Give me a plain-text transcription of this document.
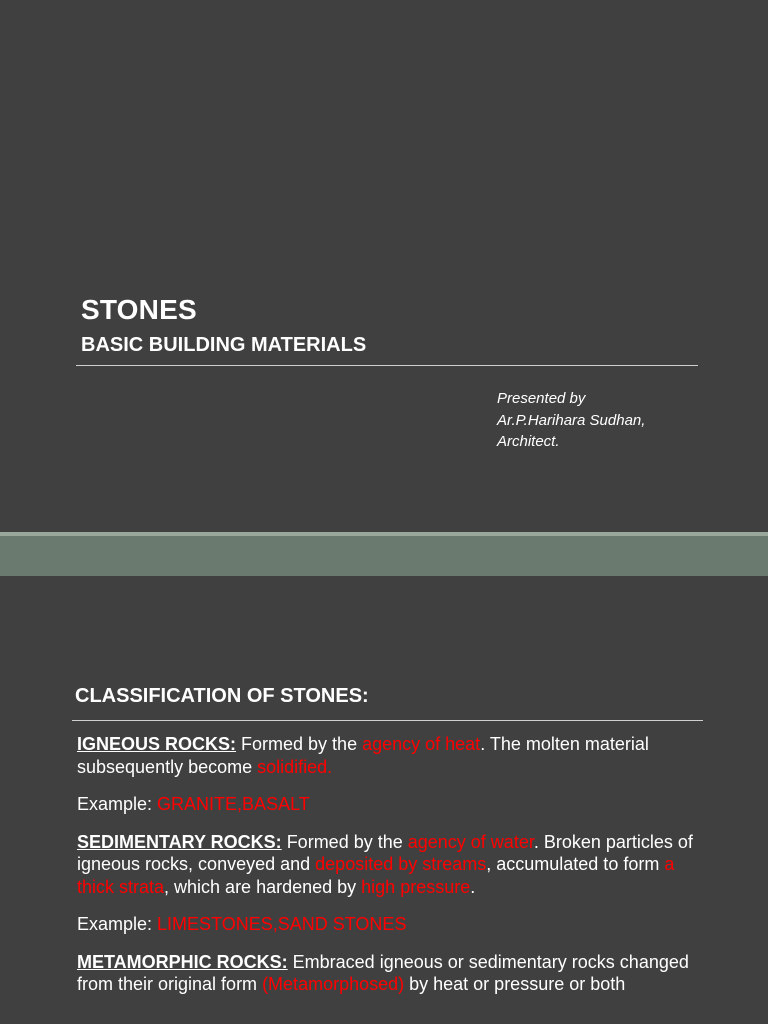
STONES
BASIC BUILDING MATERIALS
Presented by
Ar.P.Harihara Sudhan,
Architect.
CLASSIFICATION OF STONES:

IGNEOUS ROCKS: Formed by the agency of heat. The molten material subsequently become solidified.

Example: GRANITE,BASALT

SEDIMENTARY ROCKS: Formed by the agency of water. Broken particles of igneous rocks, conveyed and deposited by streams, accumulated to form a thick strata, which are hardened by high pressure.

Example: LIMESTONES,SAND STONES

METAMORPHIC ROCKS: Embraced igneous or sedimentary rocks changed from their original form (Metamorphosed) by heat or pressure or both
